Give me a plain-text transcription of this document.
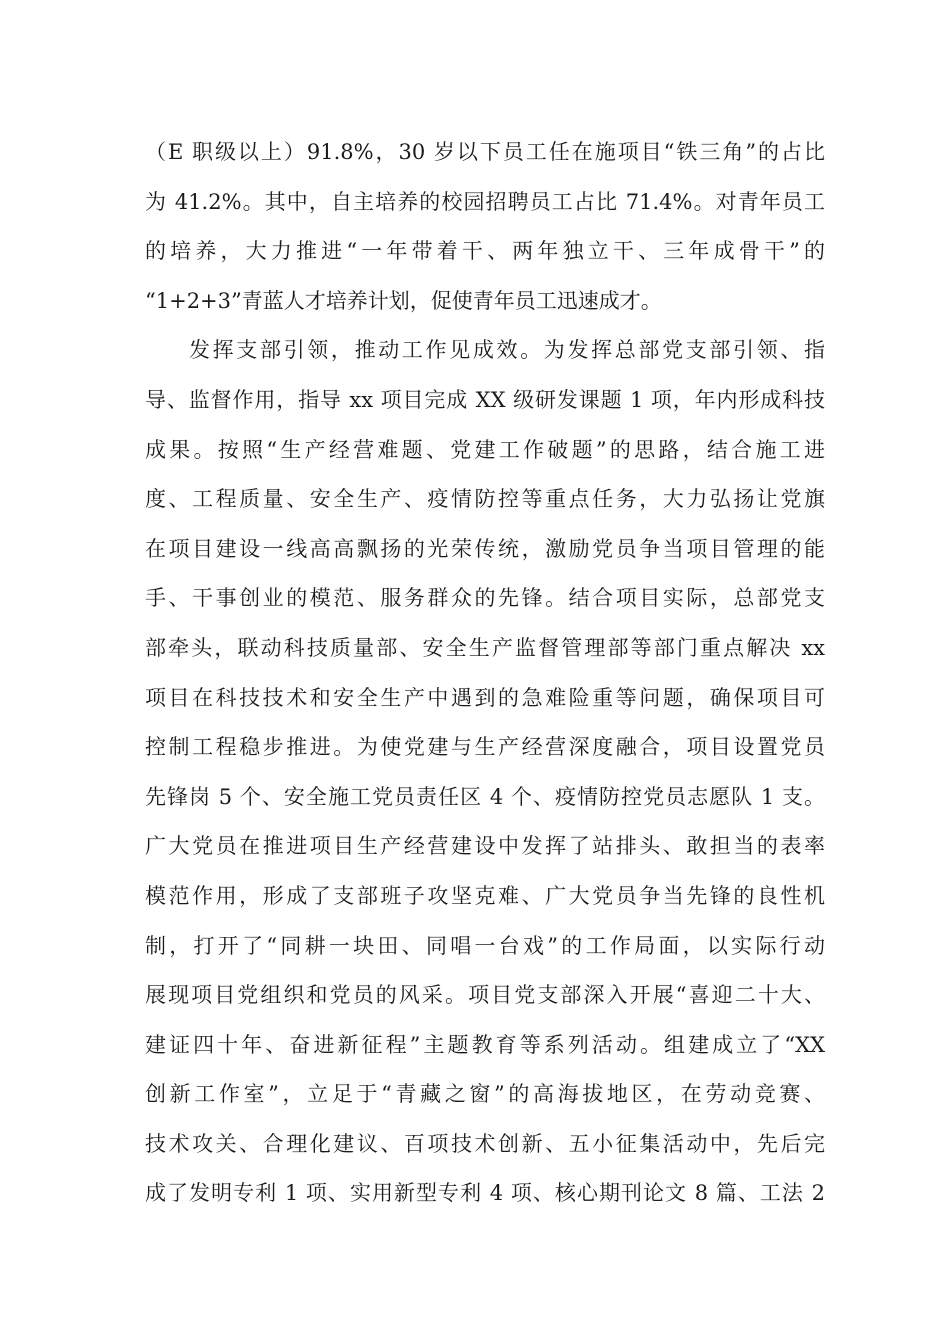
（E 职级以上）91.8%，30 岁以下员工任在施项目“铁三角”的占比
为 41.2%。其中，自主培养的校园招聘员工占比 71.4%。对青年员工
的培养，大力推进“一年带着干、两年独立干、三年成骨干”的
“1+2+3”青蓝人才培养计划，促使青年员工迅速成才。
发挥支部引领，推动工作见成效。为发挥总部党支部引领、指
导、监督作用，指导 xx 项目完成 XX 级研发课题 1 项，年内形成科技
成果。按照“生产经营难题、党建工作破题”的思路，结合施工进
度、工程质量、安全生产、疫情防控等重点任务，大力弘扬让党旗
在项目建设一线高高飘扬的光荣传统，激励党员争当项目管理的能
手、干事创业的模范、服务群众的先锋。结合项目实际，总部党支
部牵头，联动科技质量部、安全生产监督管理部等部门重点解决 xx
项目在科技技术和安全生产中遇到的急难险重等问题，确保项目可
控制工程稳步推进。为使党建与生产经营深度融合，项目设置党员
先锋岗 5 个、安全施工党员责任区 4 个、疫情防控党员志愿队 1 支。
广大党员在推进项目生产经营建设中发挥了站排头、敢担当的表率
模范作用，形成了支部班子攻坚克难、广大党员争当先锋的良性机
制，打开了“同耕一块田、同唱一台戏”的工作局面，以实际行动
展现项目党组织和党员的风采。项目党支部深入开展“喜迎二十大、
建证四十年、奋进新征程”主题教育等系列活动。组建成立了“XX
创新工作室”，立足于“青藏之窗”的高海拔地区，在劳动竞赛、
技术攻关、合理化建议、百项技术创新、五小征集活动中，先后完
成了发明专利 1 项、实用新型专利 4 项、核心期刊论文 8 篇、工法 2
